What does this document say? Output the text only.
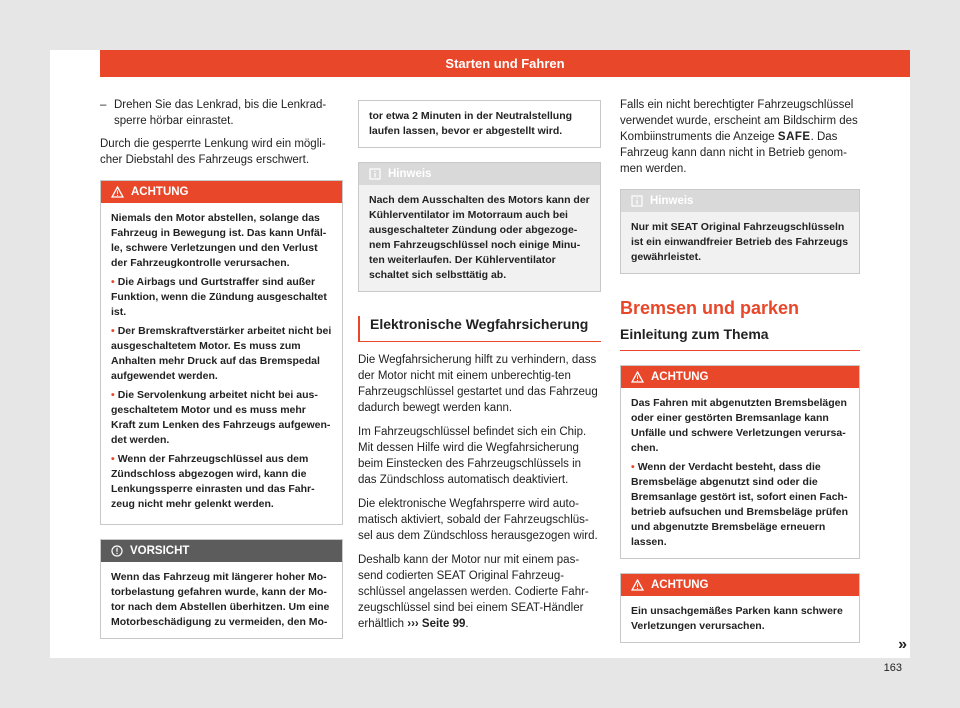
Starten und Fahren
– Drehen Sie das Lenkrad, bis die Lenkrad-sperre hörbar einrastet.

Durch die gesperrte Lenkung wird ein mögli-cher Diebstahl des Fahrzeugs erschwert.

ACHTUNG

Niemals den Motor abstellen, solange das Fahrzeug in Bewegung ist. Das kann Unfäl-le, schwere Verletzungen und den Verlust der Fahrzeugkontrolle verursachen.

• Die Airbags und Gurtstraffer sind außer Funktion, wenn die Zündung ausgeschaltet ist.

• Der Bremskraftverstärker arbeitet nicht bei ausgeschaltetem Motor. Es muss zum Anhalten mehr Druck auf das Bremspedal aufgewendet werden.

• Die Servolenkung arbeitet nicht bei aus-geschaltetem Motor und es muss mehr Kraft zum Lenken des Fahrzeugs aufgewen-det werden.

• Wenn der Fahrzeugschlüssel aus dem Zündschloss abgezogen wird, kann die Lenkungssperre einrasten und das Fahr-zeug nicht mehr gelenkt werden.

VORSICHT

Wenn das Fahrzeug mit längerer hoher Mo-torbelastung gefahren wurde, kann der Mo-tor nach dem Abstellen überhitzen. Um eine Motorbeschädigung zu vermeiden, den Mo-

tor etwa 2 Minuten in der Neutralstellung laufen lassen, bevor er abgestellt wird.

Hinweis

Nach dem Ausschalten des Motors kann der Kühlerventilator im Motorraum auch bei ausgeschalteter Zündung oder abgezoge-nem Fahrzeugschlüssel noch einige Minu-ten weiterlaufen. Der Kühlerventilator schaltet sich selbsttätig ab.

Elektronische Wegfahrsicherung

Die Wegfahrsicherung hilft zu verhindern, dass der Motor nicht mit einem unberechtig-ten Fahrzeugschlüssel gestartet und das Fahrzeug dadurch bewegt werden kann.

Im Fahrzeugschlüssel befindet sich ein Chip. Mit dessen Hilfe wird die Wegfahrsicherung beim Einstecken des Fahrzeugschlüssels in das Zündschloss automatisch deaktiviert.

Die elektronische Wegfahrsperre wird auto-matisch aktiviert, sobald der Fahrzeugschlüs-sel aus dem Zündschloss herausgezogen wird.

Deshalb kann der Motor nur mit einem pas-send codierten SEAT Original Fahrzeug-schlüssel angelassen werden. Codierte Fahr-zeugschlüssel sind bei einem SEAT-Händler erhältlich ››› Seite 99.

Falls ein nicht berechtigter Fahrzeugschlüssel verwendet wurde, erscheint am Bildschirm des Kombiinstruments die Anzeige SAFE. Das Fahrzeug kann dann nicht in Betrieb genom-men werden.

Hinweis

Nur mit SEAT Original Fahrzeugschlüsseln ist ein einwandfreier Betrieb des Fahrzeugs gewährleistet.

Bremsen und parken
Einleitung zum Thema
ACHTUNG

Das Fahren mit abgenutzten Bremsbelägen oder einer gestörten Bremsanlage kann Unfälle und schwere Verletzungen verursa-chen.

• Wenn der Verdacht besteht, dass die Bremsbeläge abgenutzt sind oder die Bremsanlage gestört ist, sofort einen Fach-betrieb aufsuchen und Bremsbeläge prüfen und abgenutzte Bremsbeläge erneuern lassen.

ACHTUNG

Ein unsachgemäßes Parken kann schwere Verletzungen verursachen.

»
163
